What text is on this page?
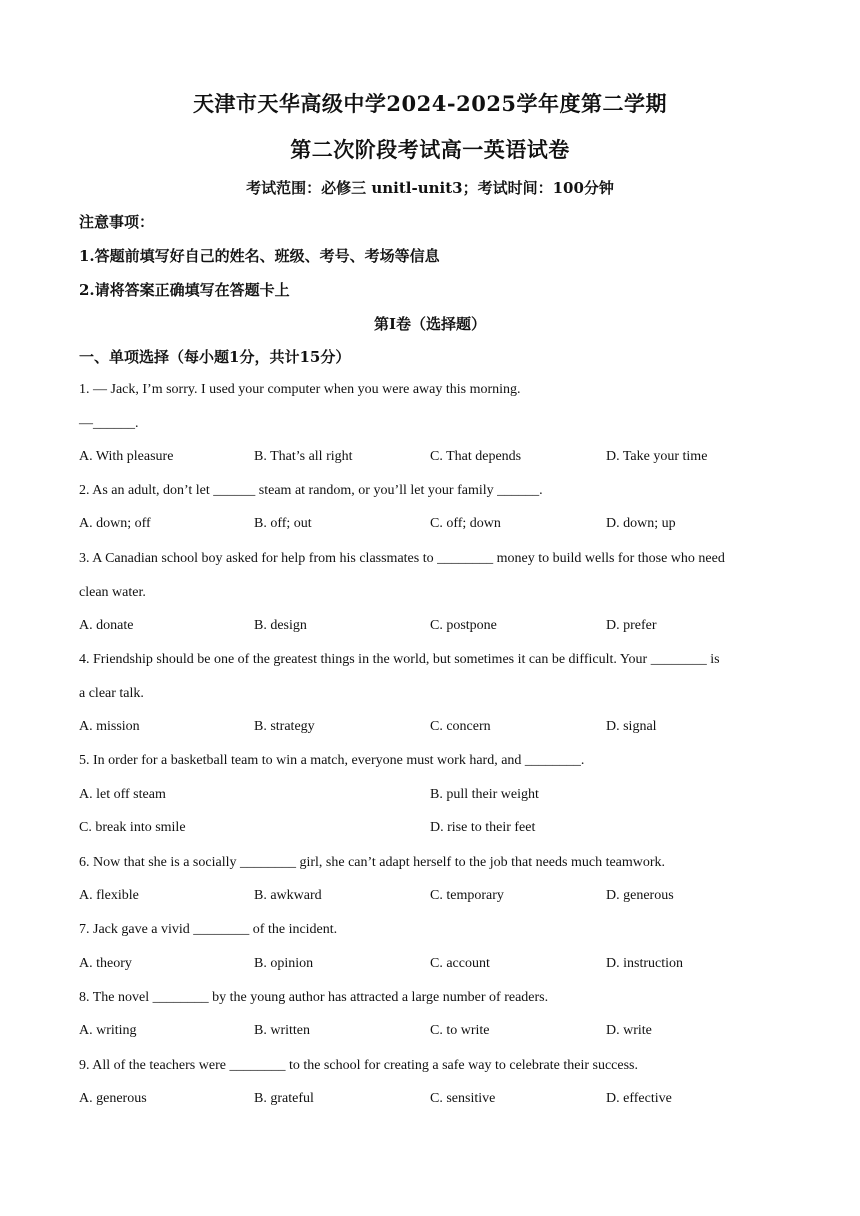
天津市天华高级中学2024-2025学年度第二学期
第二次阶段考试高一英语试卷
考试范围：必修三 unitl-unit3；考试时间：100分钟
注意事项：
1.答题前填写好自己的姓名、班级、考号、考场等信息
2.请将答案正确填写在答题卡上
第Ⅰ卷（选择题）
一、单项选择（每小题1分，共计15分）
1. — Jack, I’m sorry. I used your computer when you were away this morning.
—______.
A. With pleasure	B. That’s all right	C. That depends	D. Take your time
2. As an adult, don’t let ______ steam at random, or you’ll let your family ______.
A. down; off	B. off; out	C. off; down	D. down; up
3. A Canadian school boy asked for help from his classmates to ________ money to build wells for those who need
clean water.
A. donate	B. design	C. postpone	D. prefer
4. Friendship should be one of the greatest things in the world, but sometimes it can be difficult. Your ________ is
a clear talk.
A. mission	B. strategy	C. concern	D. signal
5. In order for a basketball team to win a match, everyone must work hard, and ________.
A. let off steam	B. pull their weight
C. break into smile	D. rise to their feet
6. Now that she is a socially ________ girl, she can’t adapt herself to the job that needs much teamwork.
A. flexible	B. awkward	C. temporary	D. generous
7. Jack gave a vivid ________ of the incident.
A. theory	B. opinion	C. account	D. instruction
8. The novel ________ by the young author has attracted a large number of readers.
A. writing	B. written	C. to write	D. write
9. All of the teachers were ________ to the school for creating a safe way to celebrate their success.
A. generous	B. grateful	C. sensitive	D. effective
